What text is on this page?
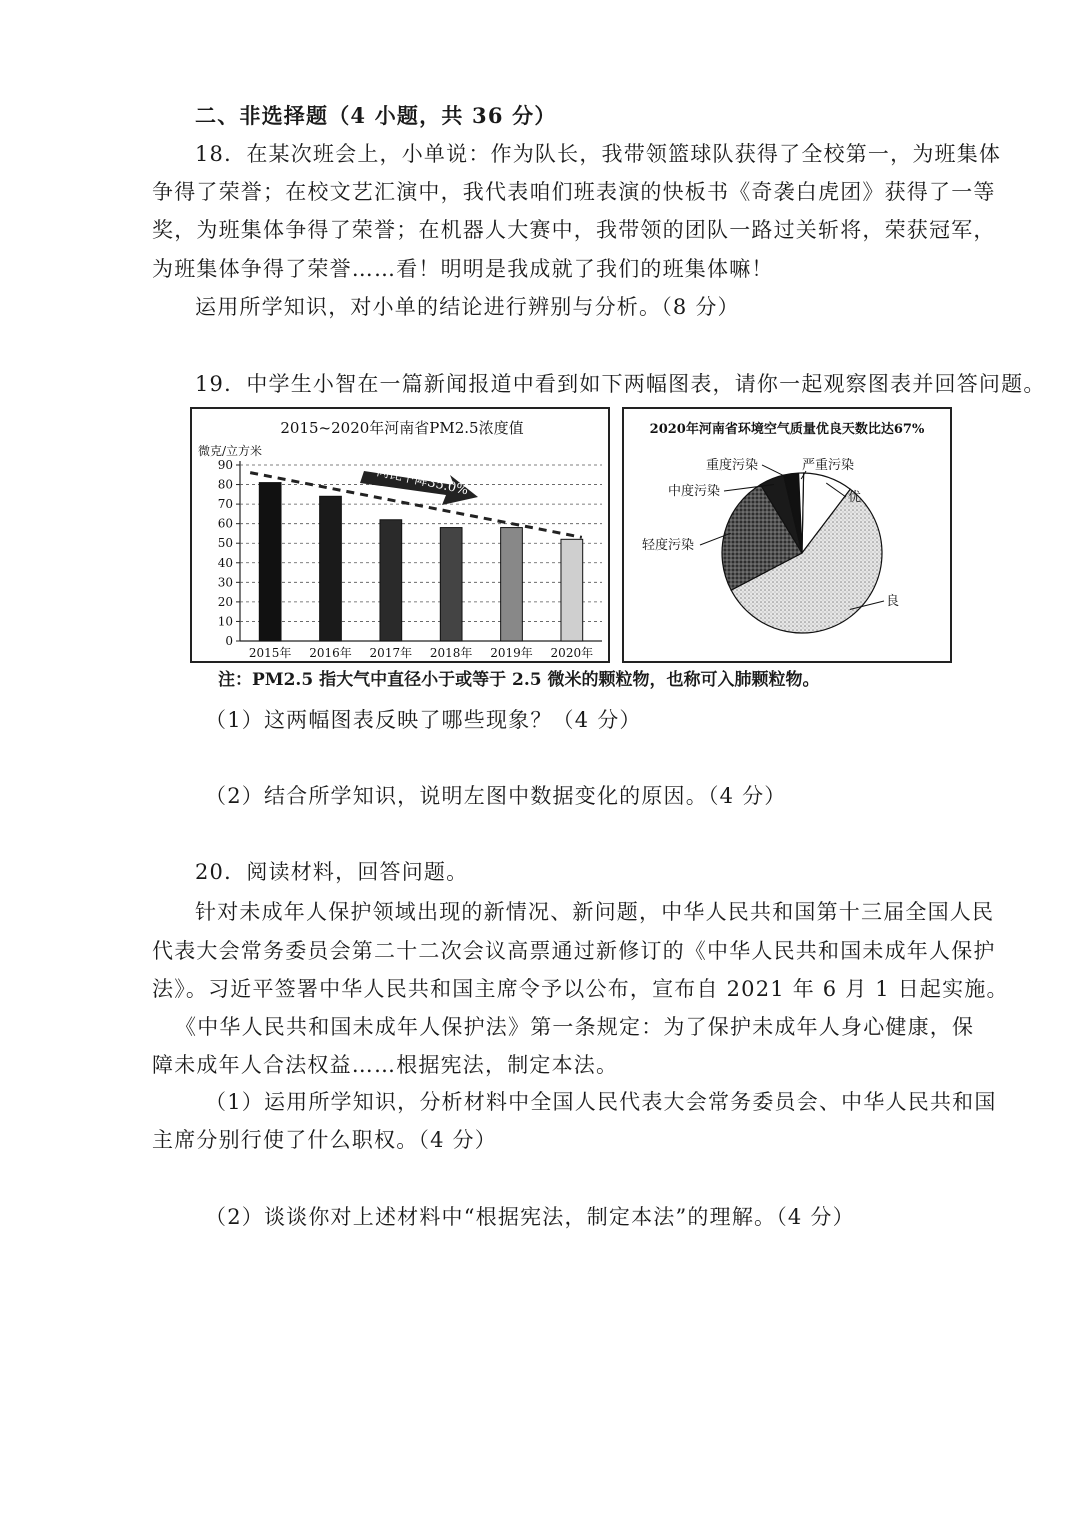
二、非选择题（4 小题，共 36 分）
18．在某次班会上，小单说：作为队长，我带领篮球队获得了全校第一，为班集体
争得了荣誉；在校文艺汇演中，我代表咱们班表演的快板书《奇袭白虎团》获得了一等
奖，为班集体争得了荣誉；在机器人大赛中，我带领的团队一路过关斩将，荣获冠军，
为班集体争得了荣誉……看！明明是我成就了我们的班集体嘛！
运用所学知识，对小单的结论进行辨别与分析。（8 分）
19．中学生小智在一篇新闻报道中看到如下两幅图表，请你一起观察图表并回答问题。
2015~2020年河南省PM2.5浓度值
微克/立方米
0
10
20
30
40
50
60
70
80
90
2015年 2016年 2017年 2018年 2019年 2020年
同比下降35.0%
2020年河南省环境空气质量优良天数比达67%
优
良
轻度污染
中度污染
重度污染	严重污染
注：PM2.5 指大气中直径小于或等于 2.5 微米的颗粒物，也称可入肺颗粒物。
（1）这两幅图表反映了哪些现象？（4 分）
（2）结合所学知识，说明左图中数据变化的原因。（4 分）
20．阅读材料，回答问题。
针对未成年人保护领域出现的新情况、新问题，中华人民共和国第十三届全国人民
代表大会常务委员会第二十二次会议高票通过新修订的《中华人民共和国未成年人保护
法》。习近平签署中华人民共和国主席令予以公布，宣布自 2021 年 6 月 1 日起实施。
《中华人民共和国未成年人保护法》第一条规定：为了保护未成年人身心健康，保
障未成年人合法权益……根据宪法，制定本法。
（1）运用所学知识，分析材料中全国人民代表大会常务委员会、中华人民共和国
主席分别行使了什么职权。（4 分）
（2）谈谈你对上述材料中“根据宪法，制定本法”的理解。（4 分）
